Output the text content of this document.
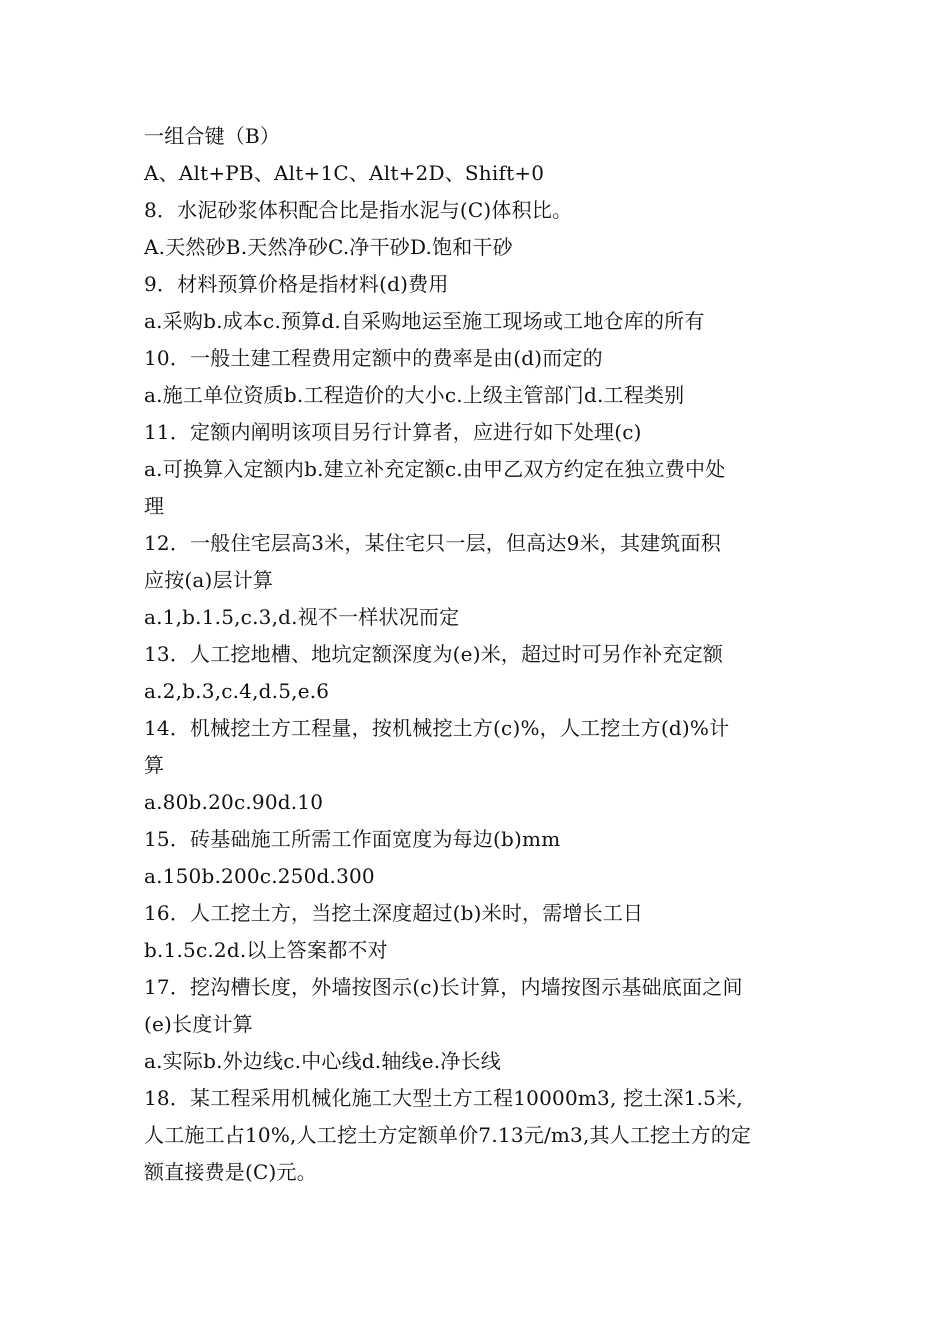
一组合键（B）

A、Alt+PB、Alt+1C、Alt+2D、Shift+0

8．水泥砂浆体积配合比是指水泥与(C)体积比。

A.天然砂B.天然净砂C.净干砂D.饱和干砂

9．材料预算价格是指材料(d)费用

a.采购b.成本c.预算d.自采购地运至施工现场或工地仓库的所有

10．一般土建工程费用定额中的费率是由(d)而定的

a.施工单位资质b.工程造价的大小c.上级主管部门d.工程类别

11．定额内阐明该项目另行计算者，应进行如下处理(c)

a.可换算入定额内b.建立补充定额c.由甲乙双方约定在独立费中处

理

12．一般住宅层高3米，某住宅只一层，但高达9米，其建筑面积

应按(a)层计算

a.1,b.1.5,c.3,d.视不一样状况而定

13．人工挖地槽、地坑定额深度为(e)米，超过时可另作补充定额

a.2,b.3,c.4,d.5,e.6

14．机械挖土方工程量，按机械挖土方(c)%，人工挖土方(d)%计

算

a.80b.20c.90d.10

15．砖基础施工所需工作面宽度为每边(b)mm

a.150b.200c.250d.300

16．人工挖土方，当挖土深度超过(b)米时，需增长工日

b.1.5c.2d.以上答案都不对

17．挖沟槽长度，外墙按图示(c)长计算，内墙按图示基础底面之间

(e)长度计算

a.实际b.外边线c.中心线d.轴线e.净长线

18．某工程采用机械化施工大型土方工程10000m3, 挖土深1.5米,

人工施工占10%,人工挖土方定额单价7.13元/m3,其人工挖土方的定

额直接费是(C)元。
